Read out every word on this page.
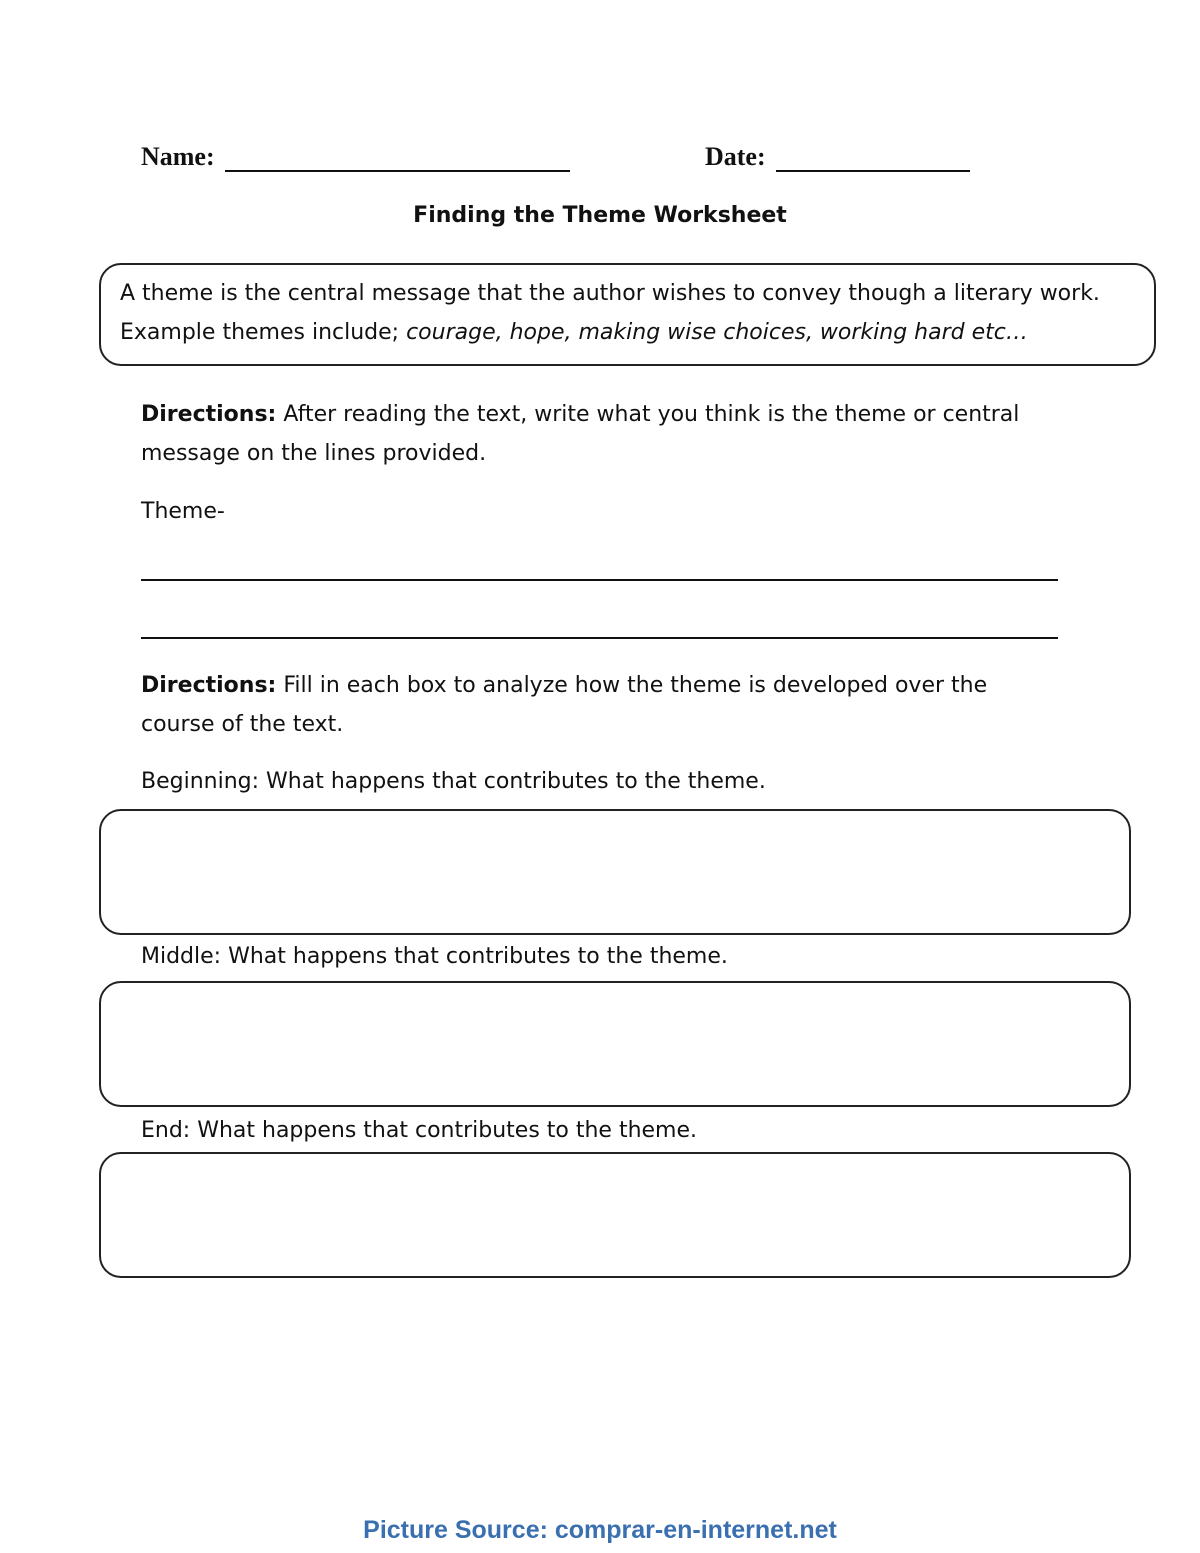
Name:	Date:
Finding the Theme Worksheet
A theme is the central message that the author wishes to convey though a literary work.
Example themes include; courage, hope, making wise choices, working hard etc…
Directions: After reading the text, write what you think is the theme or central
message on the lines provided.
Theme-
Directions: Fill in each box to analyze how the theme is developed over the
course of the text.
Beginning: What happens that contributes to the theme.
Middle: What happens that contributes to the theme.
End: What happens that contributes to the theme.
Picture Source: comprar-en-internet.net
